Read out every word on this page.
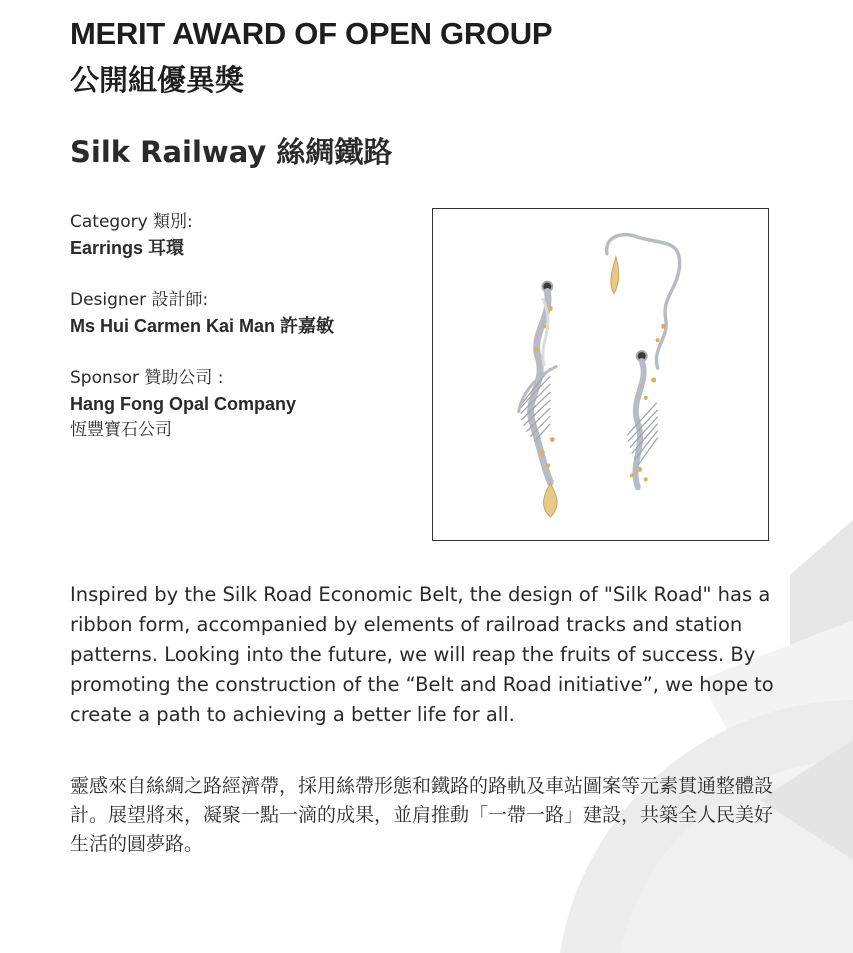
MERIT AWARD OF OPEN GROUP
公開組優異獎
Silk Railway 絲綢鐵路
Category 類別:
Earrings 耳環
Designer 設計師:
Ms Hui Carmen Kai Man 許嘉敏
Sponsor 贊助公司 :
Hang Fong Opal Company
恆豐寶石公司

Inspired by the Silk Road Economic Belt, the design of "Silk Road" has a ribbon form, accompanied by elements of railroad tracks and station patterns. Looking into the future, we will reap the fruits of success. By promoting the construction of the “Belt and Road initiative”, we hope to create a path to achieving a better life for all.

靈感來自絲綢之路經濟帶，採用絲帶形態和鐵路的路軌及車站圖案等元素貫通整體設計。展望將來，凝聚一點一滴的成果，並肩推動「一帶一路」建設，共築全人民美好生活的圓夢路。
